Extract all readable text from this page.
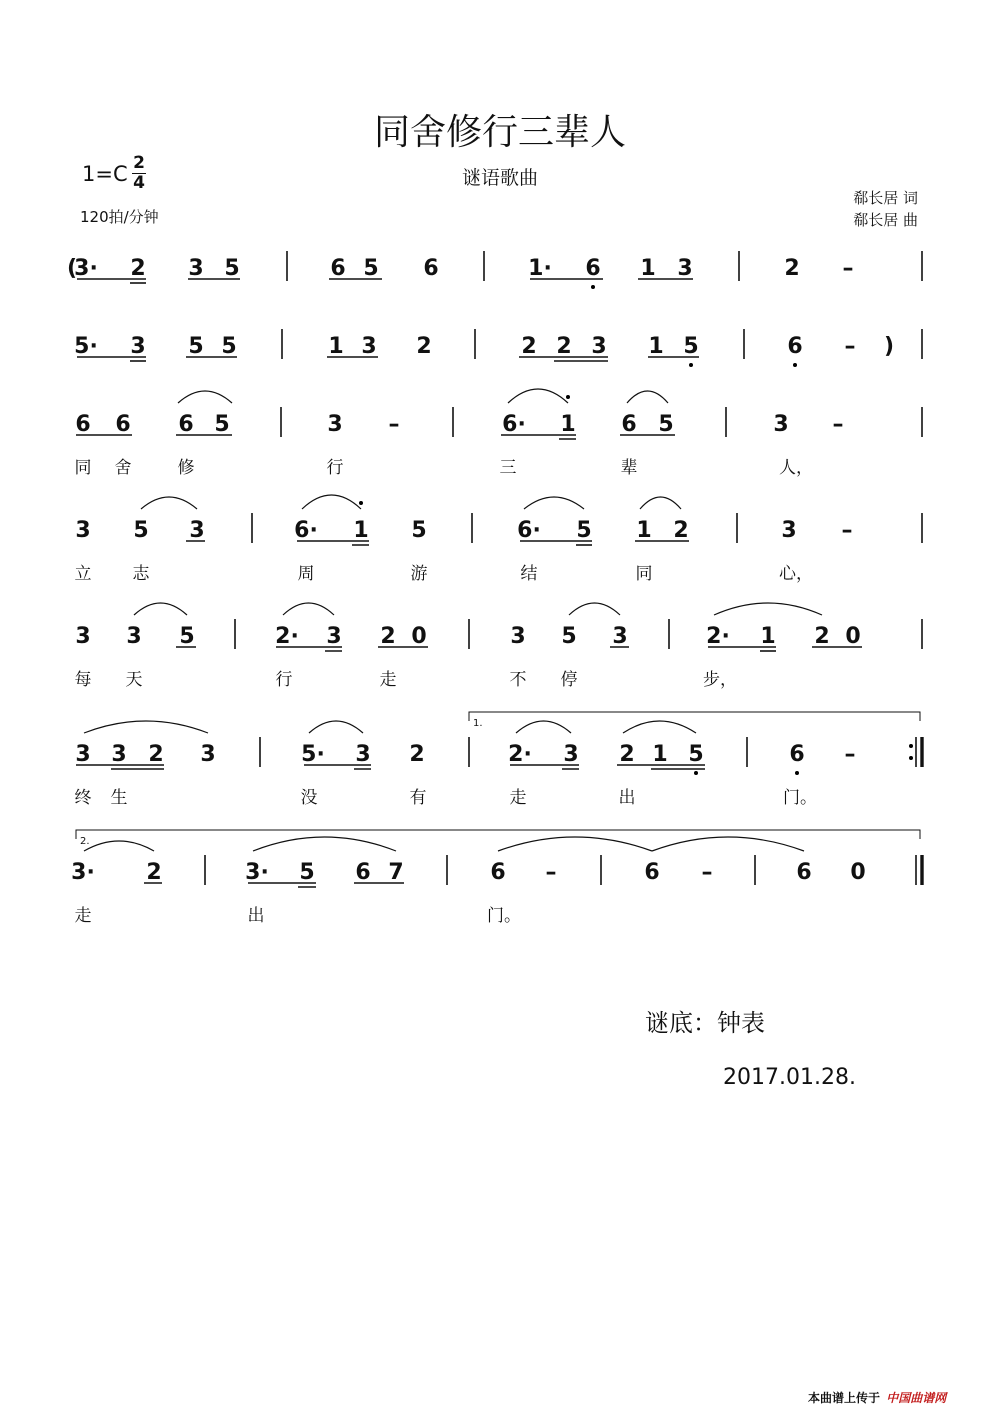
同舍修行三辈人
谜语歌曲
1=C 2
4
120拍/分钟
郗长居 词
郗长居 曲
(
3· 2 3 5	6 5 6	1· 6 1 3	2 –
5· 3 5 5	1 3 2	2 2 3 1 5	6 – )
6 6 6 5	3 –	6· 1 6 5	3 –
同 舍	修	行	三	辈	人，
3 5 3	6· 1 5	6· 5 1 2	3 –
立 志	周	游	结	同	心，
3 3 5	2· 3 2 0	3 5 3	2· 1 2 0
每 天	行	走	不 停	步，
3 3 2 3	5· 3 2	2· 3 2 1 5	6 –
终 生	没	有	走	出	门。
3· 2	3· 5 6 7	6 –	6 –	6 0
走	出	门。
1.
2.
谜底：钟表
2017.01.28.
本曲谱上传于 中国曲谱网
